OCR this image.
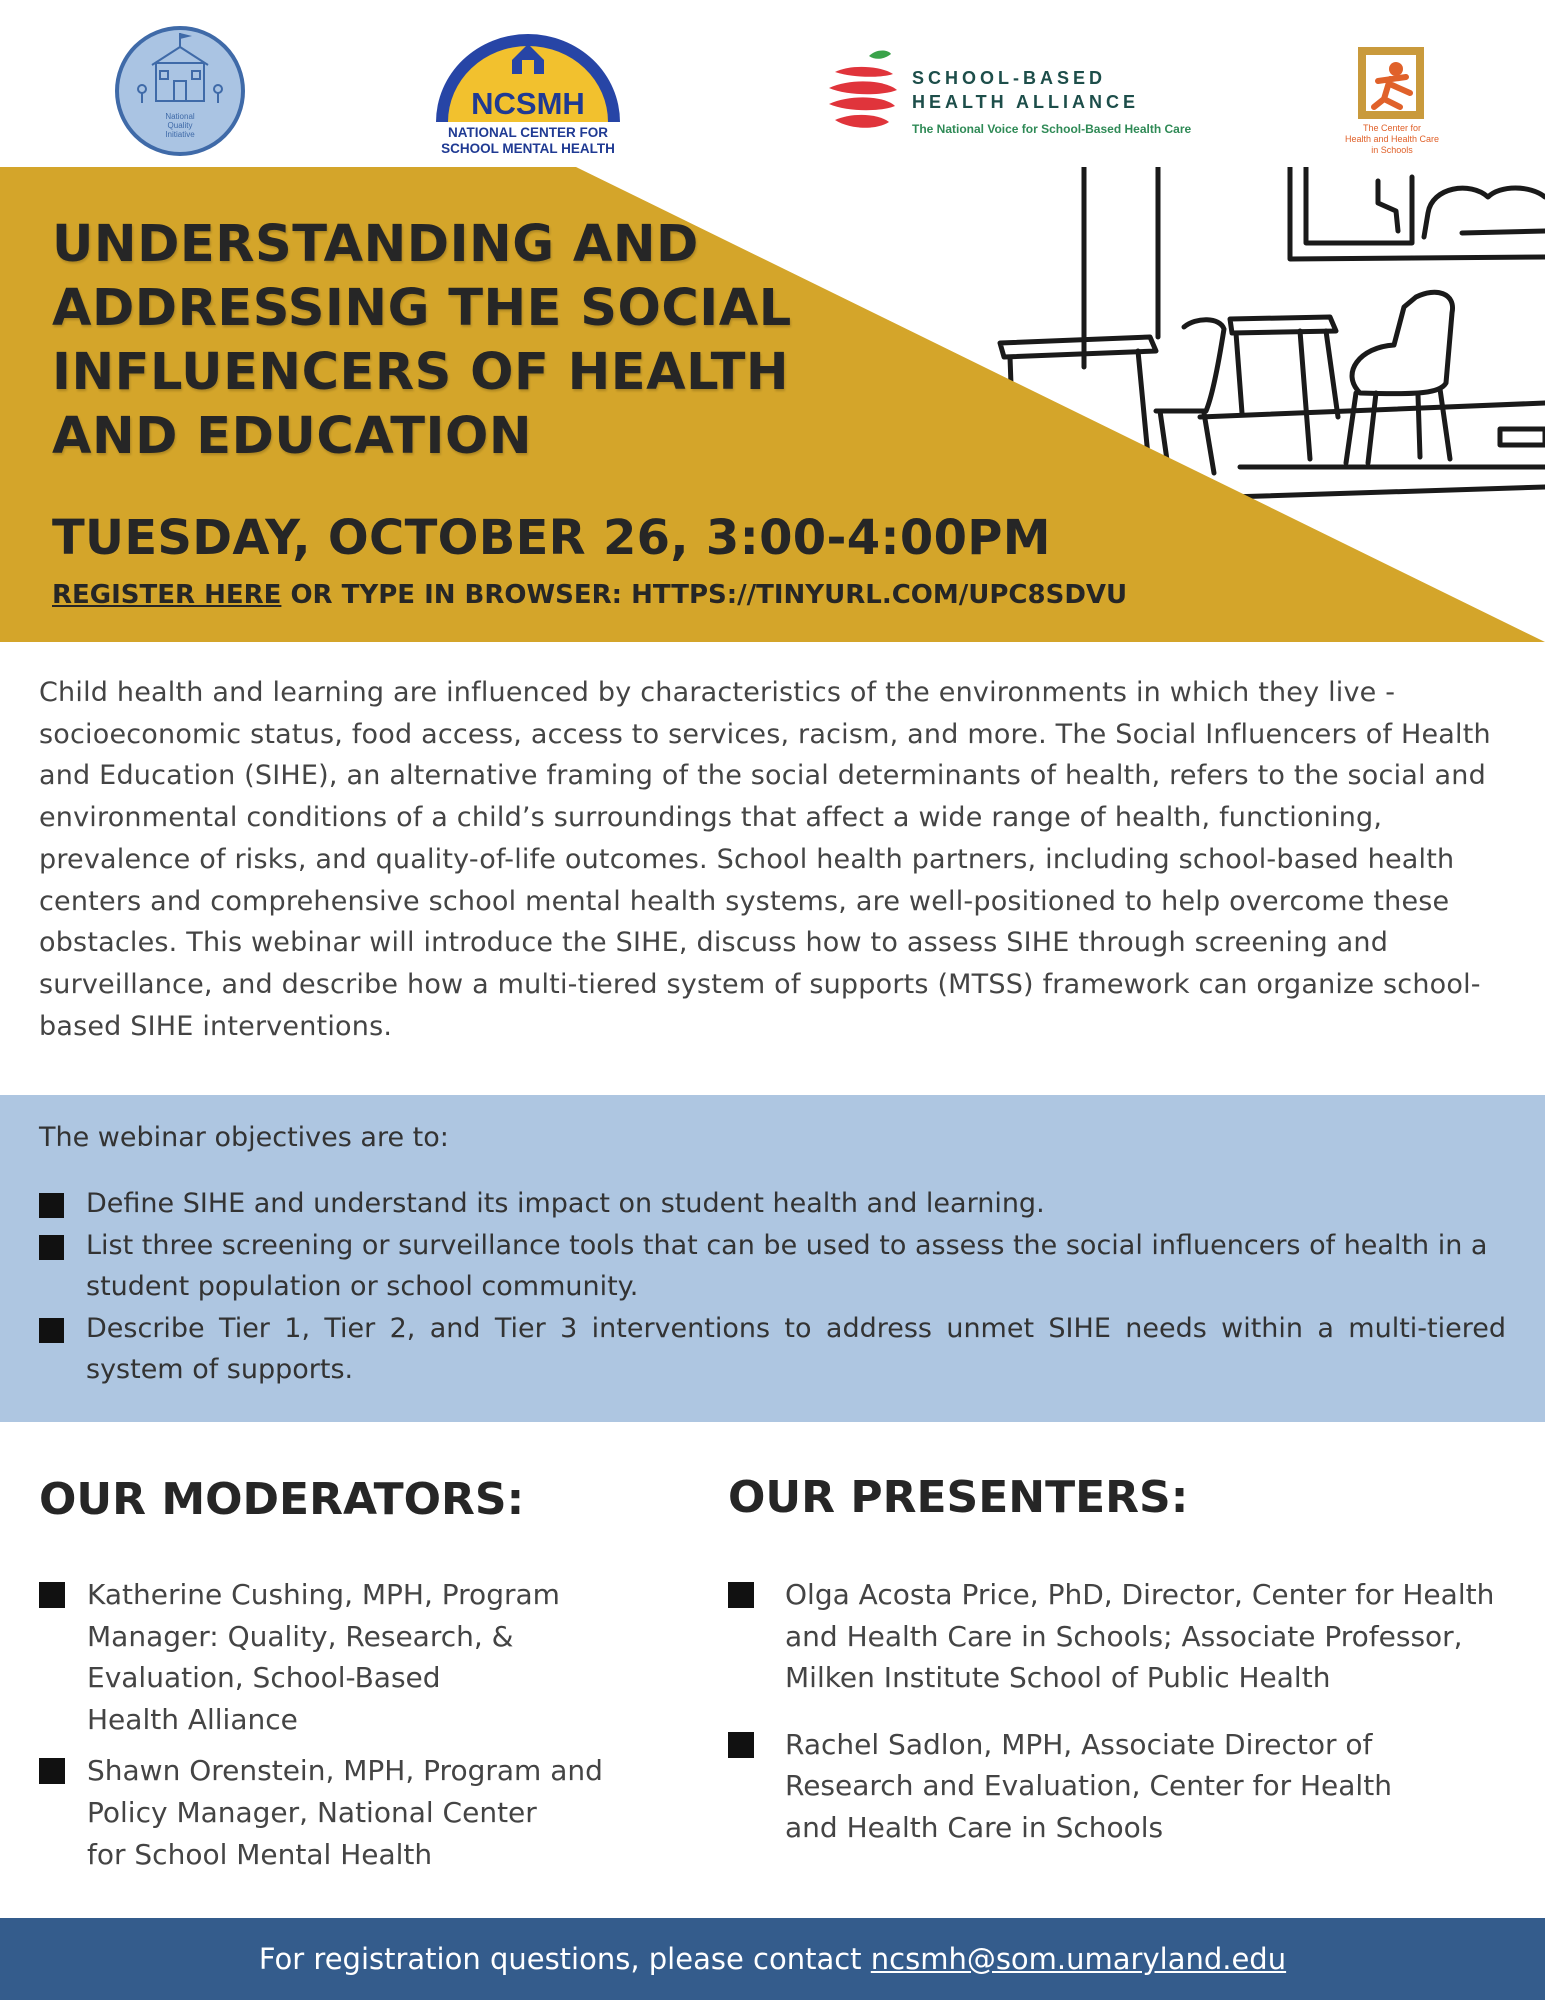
National
Quality
Initiative
NCSMH
NATIONAL CENTER FOR
SCHOOL MENTAL HEALTH
SCHOOL-BASED
HEALTH ALLIANCE
The National Voice for School-Based Health Care	The Center for
Health and Health Care
in Schools
UNDERSTANDING AND
ADDRESSING THE SOCIAL
INFLUENCERS OF HEALTH
AND EDUCATION
TUESDAY, OCTOBER 26, 3:00-4:00PM
REGISTER HERE OR TYPE IN BROWSER: HTTPS://TINYURL.COM/UPC8SDVU

Child health and learning are influenced by characteristics of the environments in which they live - socioeconomic status, food access, access to services, racism, and more. The Social Influencers of Health and Education (SIHE), an alternative framing of the social determinants of health, refers to the social and environmental conditions of a child’s surroundings that affect a wide range of health, functioning, prevalence of risks, and quality-of-life outcomes. School health partners, including school-based health centers and comprehensive school mental health systems, are well-positioned to help overcome these obstacles. This webinar will introduce the SIHE, discuss how to assess SIHE through screening and surveillance, and describe how a multi-tiered system of supports (MTSS) framework can organize school-based SIHE interventions.

The webinar objectives are to:
Define SIHE and understand its impact on student health and learning.
List three screening or surveillance tools that can be used to assess the social influencers of health in a student population or school community.
Describe Tier 1, Tier 2, and Tier 3 interventions to address unmet SIHE needs within a multi-tiered system of supports.
OUR MODERATORS:
Katherine Cushing, MPH, Program
Manager: Quality, Research, &
Evaluation, School-Based
Health Alliance
Shawn Orenstein, MPH, Program and
Policy Manager, National Center
for School Mental Health
OUR PRESENTERS:
Olga Acosta Price, PhD, Director, Center for Health
and Health Care in Schools; Associate Professor,
Milken Institute School of Public Health
Rachel Sadlon, MPH, Associate Director of
Research and Evaluation, Center for Health
and Health Care in Schools
For registration questions, please contact ncsmh@som.umaryland.edu
